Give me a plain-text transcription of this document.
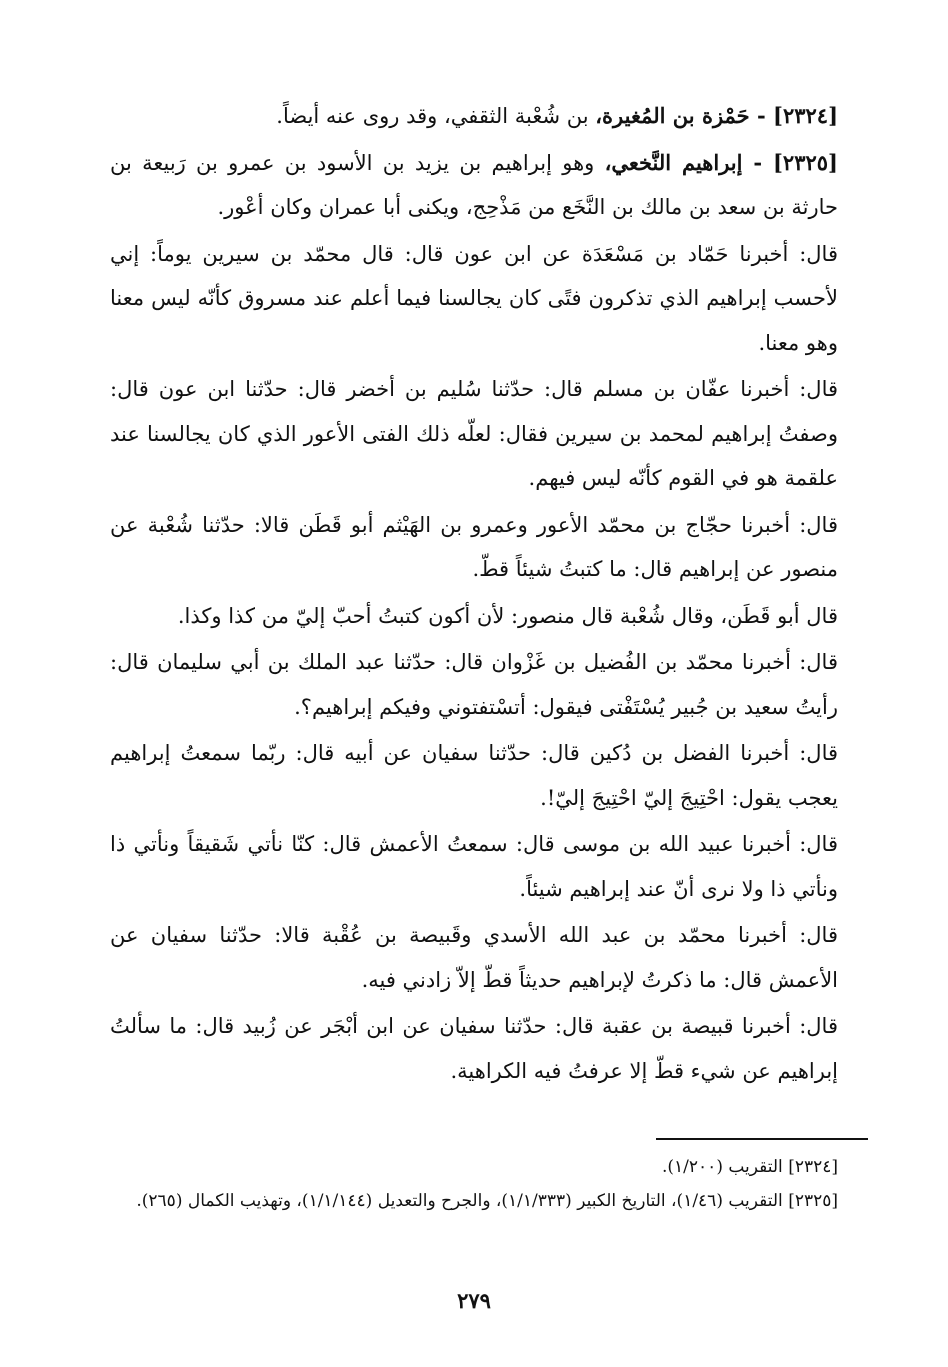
[٢٣٢٤] - حَمْزة بن المُغيرة، بن شُعْبة الثقفي، وقد روى عنه أيضاً.

[٢٣٢٥] - إبراهيم النَّخعي، وهو إبراهيم بن يزيد بن الأسود بن عمرو بن رَبيعة بن حارثة بن سعد بن مالك بن النَّخَع من مَذْحِج، ويكنى أبا عمران وكان أعْور.

قال: أخبرنا حَمّاد بن مَسْعَدَة عن ابن عون قال: قال محمّد بن سيرين يوماً: إني لأحسب إبراهيم الذي تذكرون فتًى كان يجالسنا فيما أعلم عند مسروق كأنّه ليس معنا وهو معنا.

قال: أخبرنا عفّان بن مسلم قال: حدّثنا سُليم بن أخضر قال: حدّثنا ابن عون قال: وصفتُ إبراهيم لمحمد بن سيرين فقال: لعلّه ذلك الفتى الأعور الذي كان يجالسنا عند علقمة هو في القوم كأنّه ليس فيهم.

قال: أخبرنا حجّاج بن محمّد الأعور وعمرو بن الهَيْثم أبو قَطَن قالا: حدّثنا شُعْبة عن منصور عن إبراهيم قال: ما كتبتُ شيئاً قطّ.

قال أبو قَطَن، وقال شُعْبة قال منصور: لأن أكون كتبتُ أحبّ إليّ من كذا وكذا.

قال: أخبرنا محمّد بن الفُضيل بن غَزْوان قال: حدّثنا عبد الملك بن أبي سليمان قال: رأيتُ سعيد بن جُبير يُسْتَفْتى فيقول: أتسْتفتوني وفيكم إبراهيم؟.

قال: أخبرنا الفضل بن دُكين قال: حدّثنا سفيان عن أبيه قال: ربّما سمعتُ إبراهيم يعجب يقول: احْتِيجَ إليّ احْتِيجَ إليّ!.

قال: أخبرنا عبيد الله بن موسى قال: سمعتُ الأعمش قال: كنّا نأتي شَقيقاً ونأتي ذا ونأتي ذا ولا نرى أنّ عند إبراهيم شيئاً.

قال: أخبرنا محمّد بن عبد الله الأسدي وقَبيصة بن عُقْبة قالا: حدّثنا سفيان عن الأعمش قال: ما ذكرتُ لإبراهيم حديثاً قطّ إلاّ زادني فيه.

قال: أخبرنا قبيصة بن عقبة قال: حدّثنا سفيان عن ابن أبْجَر عن زُبيد قال: ما سألتُ إبراهيم عن شيء قطّ إلا عرفتُ فيه الكراهية.

[٢٣٢٤] التقريب (١/٢٠٠).

[٢٣٢٥] التقريب (١/٤٦)، التاريخ الكبير (١/١/٣٣٣)، والجرح والتعديل (١/١/١٤٤)، وتهذيب الكمال (٢٦٥).

٢٧٩
